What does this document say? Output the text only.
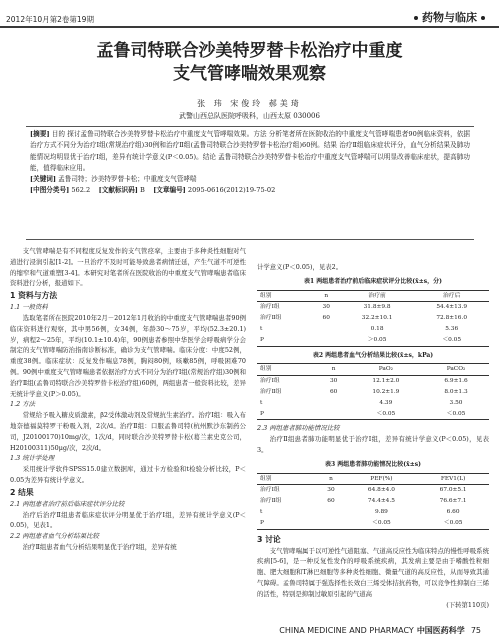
2012年10月第2卷第19期	药物与临床
孟鲁司特联合沙美特罗替卡松治疗中重度
支气管哮喘效果观察
张 玮 宋俊玲 郝美琦
武警山西总队医院呼吸科，山西太原 030006
[摘要] 目的 探讨孟鲁司特联合沙美特罗替卡松治疗中重度支气管哮喘效果。方法 分析笔者所在医院收治的中重度支气管哮喘患者90例临床资料，依据治疗方式不同分为治疗Ⅰ组(常规治疗组)30例和治疗Ⅱ组(孟鲁司特联合沙美特罗替卡松治疗组)60例。结果 治疗Ⅱ组临床症状评分，血气分析结果及肺功能情况均明显优于治疗Ⅰ组，差异有统计学意义(P＜0.05)。结论 孟鲁司特联合沙美特罗替卡松治疗中重度支气管哮喘可以明显改善临床症状，提高肺功能，值得临床应用。
[关键词] 孟鲁司特；沙美特罗替卡松；中重度支气管哮喘
[中图分类号] 562.2 [文献标识码] B [文章编号] 2095-0616(2012)19-75-02

支气管哮喘是有不同程度反复发作的支气管痉挛，主要由于多种炎性细胞对气道进行浸润引起[1-2]。一旦治疗不及时可能导致患者病情迁延，产生气道不可逆性的缩窄和气道重塑[3-4]。本研究对笔者所在医院收治的中重度支气管哮喘患者临床资料进行分析，报道如下。

1 资料与方法
1.1 一般资料

选取笔者所在医院2010年2月－2012年1月收治的中重度支气管哮喘患者90例临床资料进行观察，其中男56例，女34例，年龄30～75岁，平均(52.3±20.1)岁，病程2～25年，平均(10.1±10.4)年，90例患者参照中华医学会呼吸病学分会制定的支气管哮喘防治指南诊断标准，确诊为支气管哮喘。临床分度：中度52例，重度38例。临床症状：反复发作喘息78例，胸闷80例，咳嗽85例，呼吸困难70例。90例中重度支气管哮喘患者依据治疗方式不同分为治疗Ⅰ组(常规治疗组)30例和治疗Ⅱ组(孟鲁司特联合沙美特罗替卡松治疗组)60例，两组患者一般资料比较，差异无统计学意义(P＞0.05)。

1.2 方法

常规给予吸入糖皮质激素，β2受体激动剂及常规抗生素治疗。治疗Ⅰ组：吸入布地奈德福莫特罗干粉吸入剂，2次/d。治疗Ⅱ组：口服孟鲁司特(杭州默沙东制药公司，J20100170)10mg/次，1次/d，同时联合沙美特罗替卡松(葛兰素史克公司，H20100311)50μg/次，2次/d。

1.3 统计学处理

采用统计学软件SPSS15.0建立数据库，通过卡方检验和t检验分析比较，P＜0.05为差异有统计学意义。

2 结果
2.1 两组患者治疗前后临床症状评分比较

治疗后治疗Ⅱ组患者临床症状评分明显优于治疗Ⅰ组，差异有统计学意义(P＜0.05)，见表1。

2.2 两组患者血气分析结果比较

治疗Ⅱ组患者血气分析结果明显优于治疗Ⅰ组，差异有统

计学意义(P＜0.05)，见表2。

表1 两组患者治疗前后临床症状评分比较(x̄±s，分)
组别	n	治疗前	治疗后
治疗Ⅰ组	30	31.8±9.8	54.4±13.9
治疗Ⅱ组	60	32.2±10.1	72.8±16.0
t		0.18	5.36
P		＞0.05	＜0.05
表2 两组患者血气分析结果比较(x̄±s，kPa)
组别	n	PaO₂	PaCO₂
治疗Ⅰ组	30	12.1±2.0	6.9±1.6
治疗Ⅱ组	60	10.2±1.9	8.0±1.3
t		4.39	3.50
P		＜0.05	＜0.05
2.3 两组患者肺功能情况比较

治疗Ⅱ组患者肺功能明显优于治疗Ⅰ组，差异有统计学意义(P＜0.05)，见表3。

表3 两组患者肺功能情况比较(x̄±s)
组别	n	PEF(%)	FEV1(L)
治疗Ⅰ组	30	64.8±4.0	67.0±5.1
治疗Ⅱ组	60	74.4±4.5	76.6±7.1
t		9.89	6.60
P		＜0.05	＜0.05
3 讨论

支气管哮喘属于以可逆性气道阻塞、气道高反应性为临床特点的慢性呼吸系统疾病[5-6]，是一种反复性发作的呼吸系统疾病，其发病主要是由于嗜酸性粒细胞、肥大细胞和T淋巴细胞等多种炎性细胞、微量气道的高反应性，从而导致其通气障碍。孟鲁司特属于强选择性长效白三烯受体拮抗药物，可以竞争性抑制白三烯的活性，特别是抑制过敏原引起的气道高

(下转第110页)
CHINA MEDICINE AND PHARMACY 中国医药科学 75
